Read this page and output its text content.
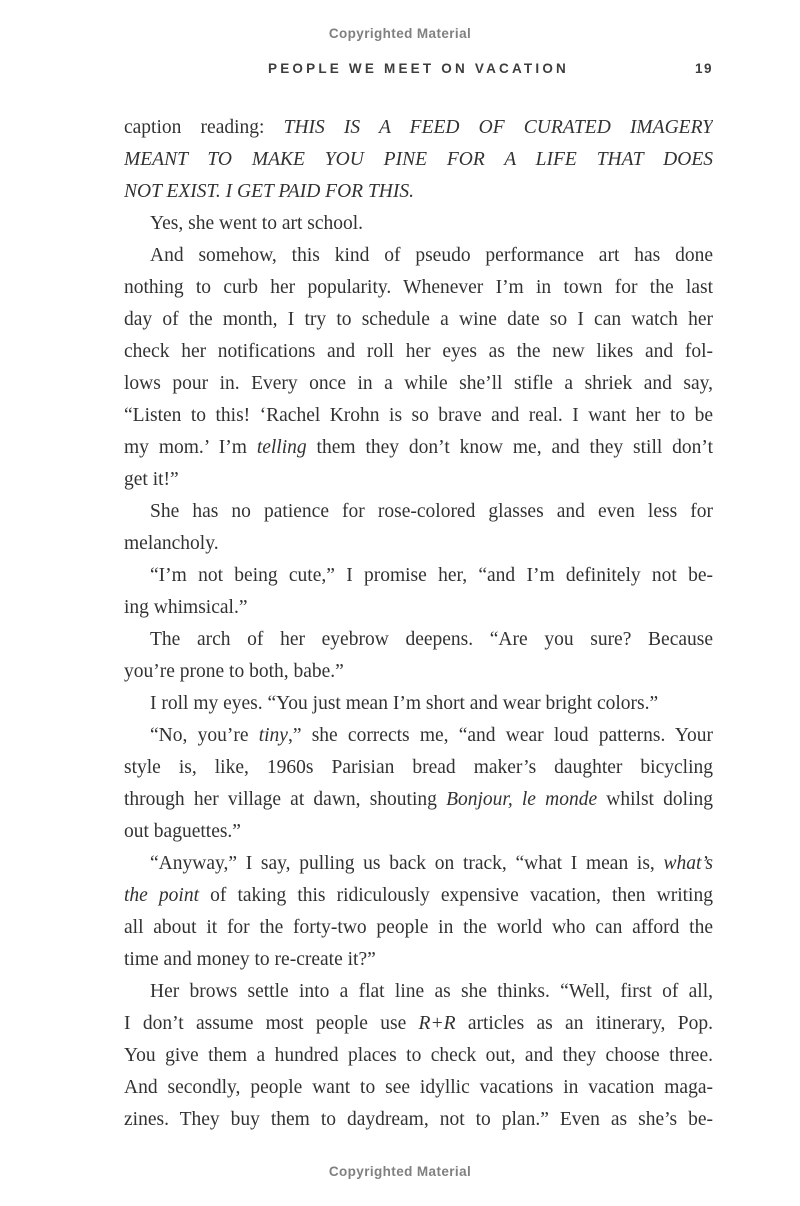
Copyrighted Material
PEOPLE WE MEET ON VACATION	19
caption reading: THIS IS A FEED OF CURATED IMAGERY
MEANT TO MAKE YOU PINE FOR A LIFE THAT DOES
NOT EXIST. I GET PAID FOR THIS.
Yes, she went to art school.
And somehow, this kind of pseudo performance art has done
nothing to curb her popularity. Whenever I’m in town for the last
day of the month, I try to schedule a wine date so I can watch her
check her notifications and roll her eyes as the new likes and fol-
lows pour in. Every once in a while she’ll stifle a shriek and say,
“Listen to this! ‘Rachel Krohn is so brave and real. I want her to be
my mom.’ I’m telling them they don’t know me, and they still don’t
get it!”
She has no patience for rose-colored glasses and even less for
melancholy.
“I’m not being cute,” I promise her, “and I’m definitely not be-
ing whimsical.”
The arch of her eyebrow deepens. “Are you sure? Because
you’re prone to both, babe.”
I roll my eyes. “You just mean I’m short and wear bright colors.”
“No, you’re tiny,” she corrects me, “and wear loud patterns. Your
style is, like, 1960s Parisian bread maker’s daughter bicycling
through her village at dawn, shouting Bonjour, le monde whilst doling
out baguettes.”
“Anyway,” I say, pulling us back on track, “what I mean is, what’s
the point of taking this ridiculously expensive vacation, then writing
all about it for the forty-two people in the world who can afford the
time and money to re-create it?”
Her brows settle into a flat line as she thinks. “Well, first of all,
I don’t assume most people use R+R articles as an itinerary, Pop.
You give them a hundred places to check out, and they choose three.
And secondly, people want to see idyllic vacations in vacation maga-
zines. They buy them to daydream, not to plan.” Even as she’s be-
Copyrighted Material
